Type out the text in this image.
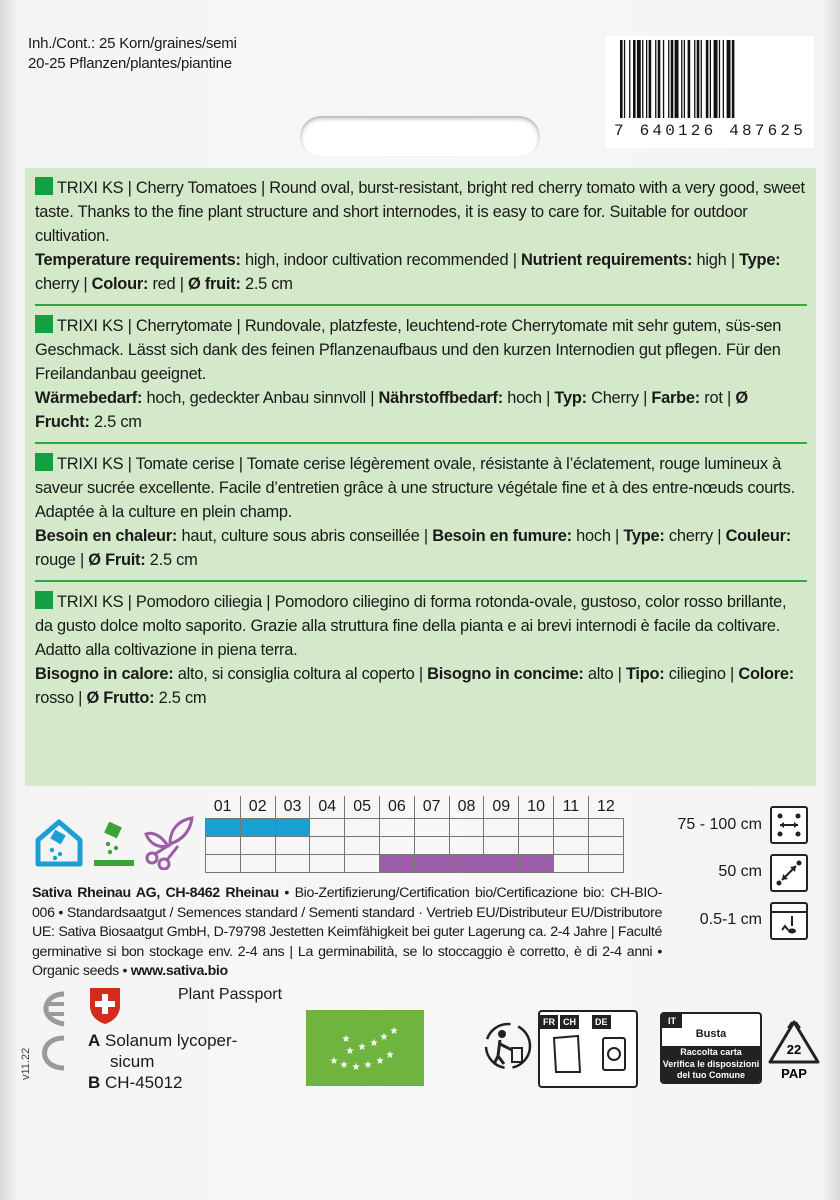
Inh./Cont.: 25 Korn/graines/semi
20-25 Pflanzen/plantes/piantine
7 640126 487625

TRIXI KS | Cherry Tomatoes | Round oval, burst-resistant, bright red cherry tomato with a very good, sweet taste. Thanks to the fine plant structure and short internodes, it is easy to care for. Suitable for outdoor cultivation.

Temperature requirements: high, indoor cultivation recommended | Nutrient requirements: high | Type: cherry | Colour: red | Ø fruit: 2.5 cm

TRIXI KS | Cherrytomate | Rundovale, platzfeste, leuchtend-rote Cherrytomate mit sehr gutem, süs-sen Geschmack. Lässt sich dank des feinen Pflanzenaufbaus und den kurzen Internodien gut pflegen. Für den Freilandanbau geeignet.

Wärmebedarf: hoch, gedeckter Anbau sinnvoll | Nährstoffbedarf: hoch | Typ: Cherry | Farbe: rot | Ø Frucht: 2.5 cm

TRIXI KS | Tomate cerise | Tomate cerise légèrement ovale, résistante à l’éclatement, rouge lumineux à saveur sucrée excellente. Facile d’entretien grâce à une structure végétale fine et à des entre-nœuds courts. Adaptée à la culture en plein champ.

Besoin en chaleur: haut, culture sous abris conseillée | Besoin en fumure: hoch | Type: cherry | Couleur: rouge | Ø Fruit: 2.5 cm

TRIXI KS | Pomodoro ciliegia | Pomodoro ciliegino di forma rotonda-ovale, gustoso, color rosso brillante, da gusto dolce molto saporito. Grazie alla struttura fine della pianta e ai brevi internodi è facile da coltivare. Adatto alla coltivazione in piena terra.

Bisogno in calore: alto, si consiglia coltura al coperto | Bisogno in concime: alto | Tipo: ciliegino | Colore: rosso | Ø Frutto: 2.5 cm

01	02	03	04	05	06	07	08	09	10	11	12

75 - 100 cm
50 cm
0.5-1 cm
Sativa Rheinau AG, CH-8462 Rheinau • Bio-Zertifizierung/Certification bio/Certificazione bio: CH-BIO-006 • Standardsaatgut / Semences standard / Sementi standard · Vertrieb EU/Distributeur EU/Distributore UE: Sativa Biosaatgut GmbH, D-79798 Jestetten Keimfähigkeit bei guter Lagerung ca. 2-4 Jahre | Faculté germinative si bon stockage env. 2-4 ans | La germinabilità, se lo stoccaggio è corretto, è di 2-4 anni • Organic seeds • www.sativa.bio
Plant Passport
A Solanum lycoper-
sicum
B CH-45012
v11.22	★ ★ ★ ★ ★
★
★ ★ ★
★
★
★
FR CH	DE	IT
Busta
Raccolta carta
Verifica le disposizioni
del tuo Comune
22
PAP
